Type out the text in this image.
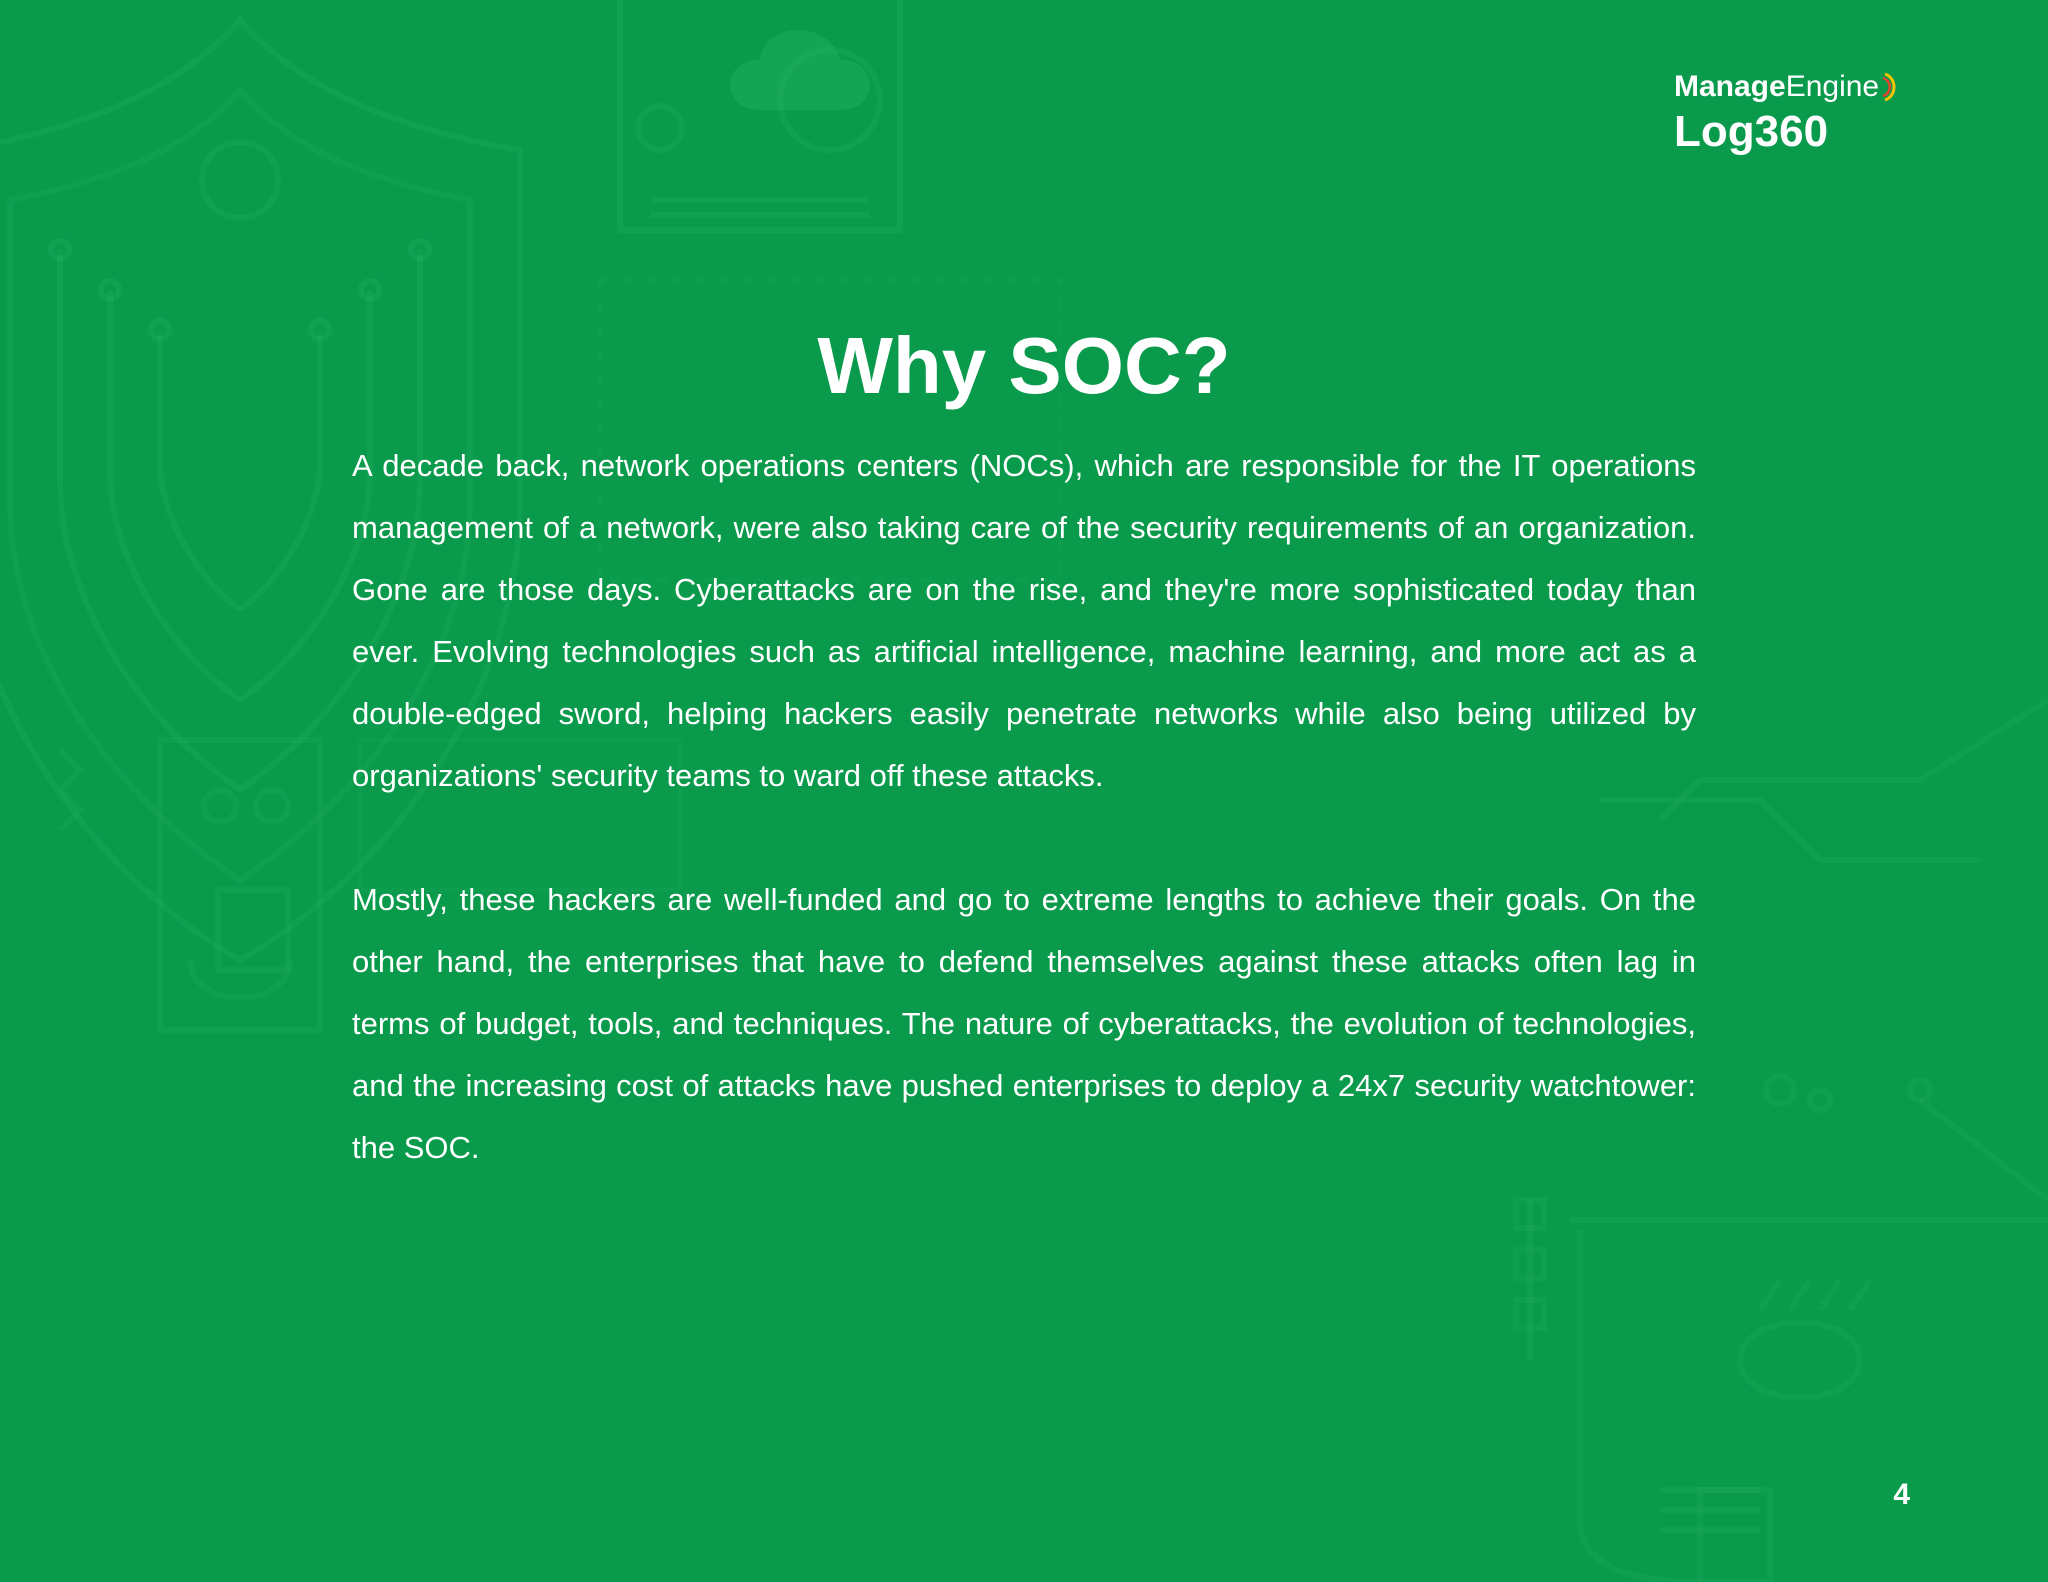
Manage Engine
Log360
Why SOC?

A decade back, network operations centers (NOCs), which are responsible for the IT operations management of a network, were also taking care of the security requirements of an organization. Gone are those days. Cyberattacks are on the rise, and they're more sophisticated today than ever. Evolving technologies such as artificial intelligence, machine learning, and more act as a double-edged sword, helping hackers easily penetrate networks while also being utilized by organizations' security teams to ward off these attacks.

Mostly, these hackers are well-funded and go to extreme lengths to achieve their goals. On the other hand, the enterprises that have to defend themselves against these attacks often lag in terms of budget, tools, and techniques. The nature of cyberattacks, the evolution of technologies, and the increasing cost of attacks have pushed enterprises to deploy a 24x7 security watchtower: the SOC.

4
